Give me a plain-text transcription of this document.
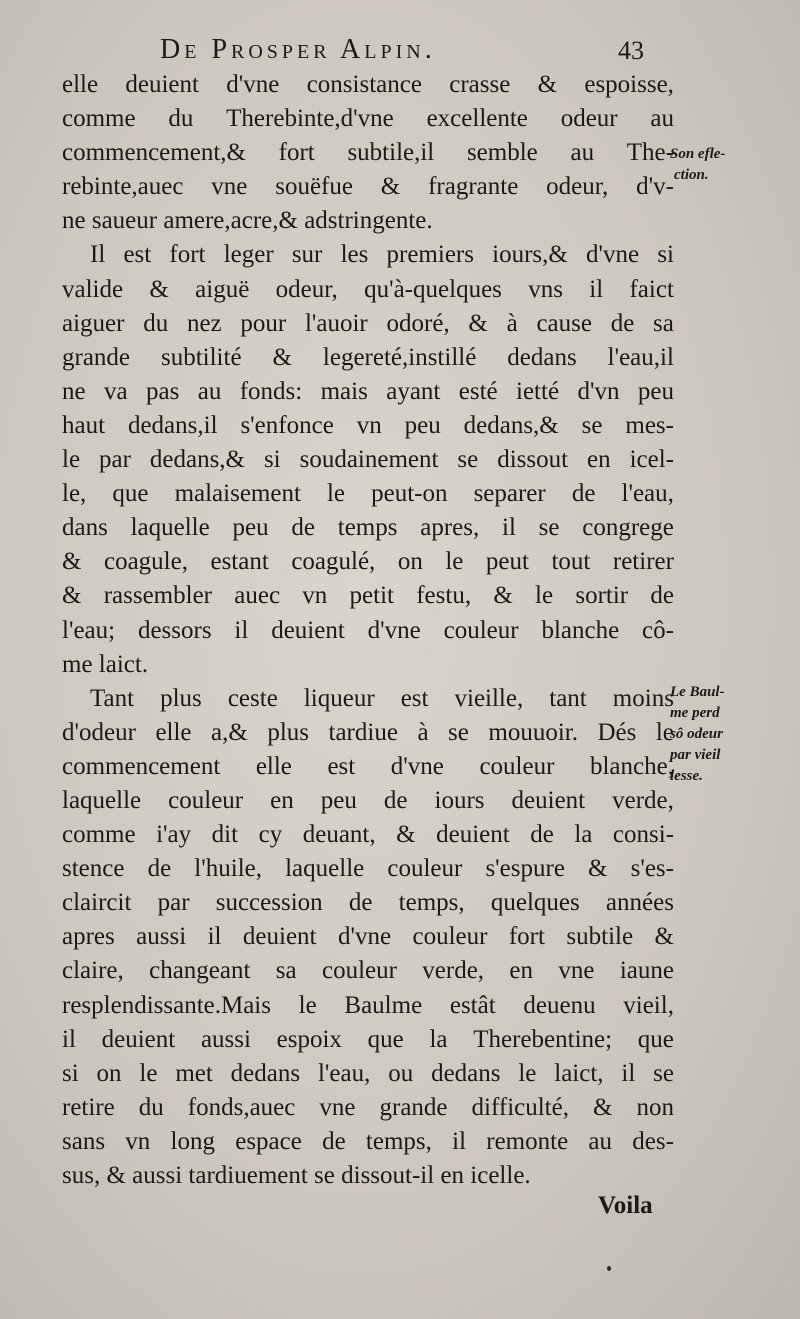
De Prosper Alpin.	43
elle deuient d'vne consistance crasse & espoisse,
comme du Therebinte,d'vne excellente odeur au
commencement,& fort subtile,il semble au The-
rebinte,auec vne souëfue & fragrante odeur, d'v-
ne saueur amere,acre,& adstringente.
Il est fort leger sur les premiers iours,& d'vne si
valide & aiguë odeur, qu'à-quelques vns il faict
aiguer du nez pour l'auoir odoré, & à cause de sa
grande subtilité & legereté,instillé dedans l'eau,il
ne va pas au fonds: mais ayant esté ietté d'vn peu
haut dedans,il s'enfonce vn peu dedans,& se mes-
le par dedans,& si soudainement se dissout en icel-
le, que malaisement le peut-on separer de l'eau,
dans laquelle peu de temps apres, il se congrege
& coagule, estant coagulé, on le peut tout retirer
& rassembler auec vn petit festu, & le sortir de
l'eau; dessors il deuient d'vne couleur blanche cô-
me laict.
Tant plus ceste liqueur est vieille, tant moins
d'odeur elle a,& plus tardiue à se mouuoir. Dés le
commencement elle est d'vne couleur blanche,
laquelle couleur en peu de iours deuient verde,
comme i'ay dit cy deuant, & deuient de la consi-
stence de l'huile, laquelle couleur s'espure & s'es-
claircit par succession de temps, quelques années
apres aussi il deuient d'vne couleur fort subtile &
claire, changeant sa couleur verde, en vne iaune
resplendissante.Mais le Baulme estât deuenu vieil,
il deuient aussi espoix que la Therebentine; que
si on le met dedans l'eau, ou dedans le laict, il se
retire du fonds,auec vne grande difficulté, & non
sans vn long espace de temps, il remonte au des-
sus, & aussi tardiuement se dissout-il en icelle.
Son efle-
ction.
Le Baul-
me perd
sô odeur
par vieil
lesse.
Voila
